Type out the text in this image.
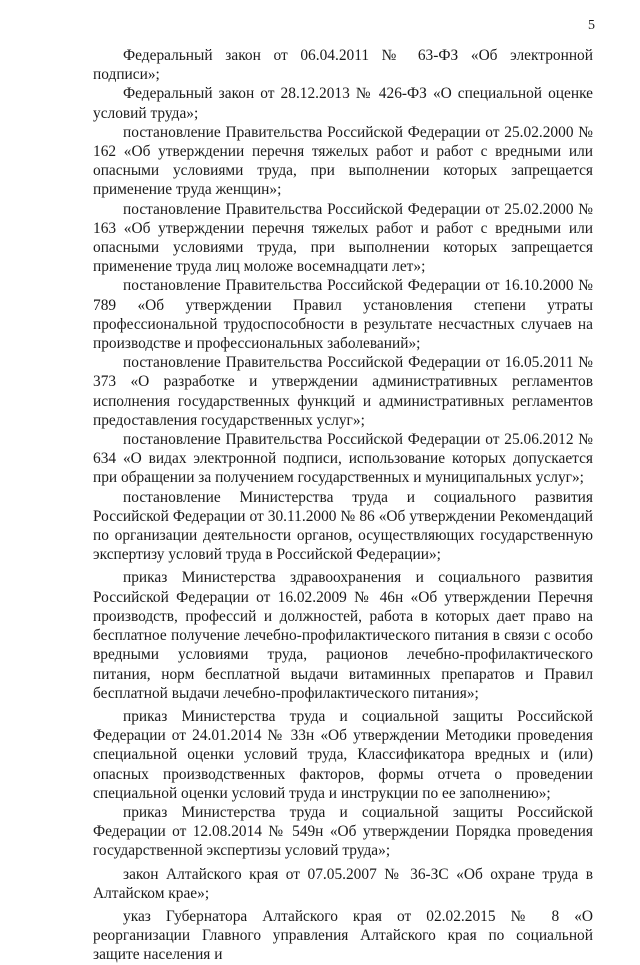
5

Федеральный закон от 06.04.2011 № 63-ФЗ «Об электронной подписи»;

Федеральный закон от 28.12.2013 № 426-ФЗ «О специальной оценке условий труда»;

постановление Правительства Российской Федерации от 25.02.2000 № 162 «Об утверждении перечня тяжелых работ и работ с вредными или опасными условиями труда, при выполнении которых запрещается применение труда женщин»;

постановление Правительства Российской Федерации от 25.02.2000 № 163 «Об утверждении перечня тяжелых работ и работ с вредными или опасными условиями труда, при выполнении которых запрещается применение труда лиц моложе восемнадцати лет»;

постановление Правительства Российской Федерации от 16.10.2000 № 789 «Об утверждении Правил установления степени утраты профессиональной трудоспособности в результате несчастных случаев на производстве и профессиональных заболеваний»;

постановление Правительства Российской Федерации от 16.05.2011 № 373 «О разработке и утверждении административных регламентов исполнения государственных функций и административных регламентов предоставления государственных услуг»;

постановление Правительства Российской Федерации от 25.06.2012 № 634 «О видах электронной подписи, использование которых допускается при обращении за получением государственных и муниципальных услуг»;

постановление Министерства труда и социального развития Российской Федерации от 30.11.2000 № 86 «Об утверждении Рекомендаций по организации деятельности органов, осуществляющих государственную экспертизу условий труда в Российской Федерации»;

приказ Министерства здравоохранения и социального развития Российской Федерации от 16.02.2009 № 46н «Об утверждении Перечня производств, профессий и должностей, работа в которых дает право на бесплатное получение лечебно-профилактического питания в связи с особо вредными условиями труда, рационов лечебно-профилактического питания, норм бесплатной выдачи витаминных препаратов и Правил бесплатной выдачи лечебно-профилактического питания»;

приказ Министерства труда и социальной защиты Российской Федерации от 24.01.2014 № 33н «Об утверждении Методики проведения специальной оценки условий труда, Классификатора вредных и (или) опасных производственных факторов, формы отчета о проведении специальной оценки условий труда и инструкции по ее заполнению»;

приказ Министерства труда и социальной защиты Российской Федерации от 12.08.2014 № 549н «Об утверждении Порядка проведения государственной экспертизы условий труда»;

закон Алтайского края от 07.05.2007 № 36-ЗС «Об охране труда в Алтайском крае»;

указ Губернатора Алтайского края от 02.02.2015 № 8 «О реорганизации Главного управления Алтайского края по социальной защите населения и
